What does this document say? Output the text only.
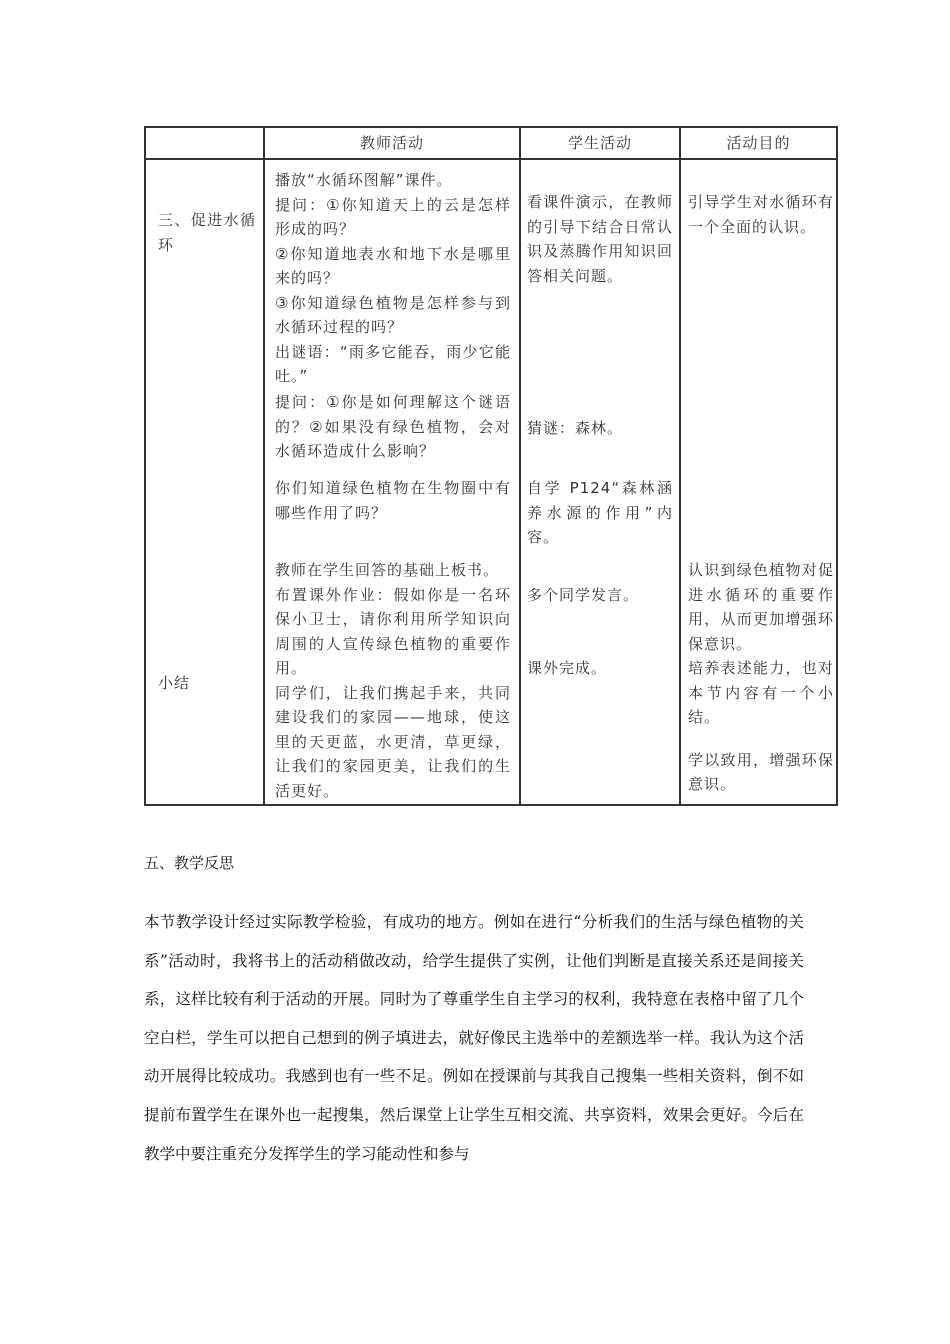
教师活动	学生活动	活动目的
三、促进水循环

播放“水循环图解”课件。

提问：①你知道天上的云是怎样形成的吗？

②你知道地表水和地下水是哪里来的吗？

③你知道绿色植物是怎样参与到水循环过程的吗？

出谜语：“雨多它能吞，雨少它能吐。”

提问：①你是如何理解这个谜语的？②如果没有绿色植物，会对水循环造成什么影响？

你们知道绿色植物在生物圈中有哪些作用了吗？

看课件演示，在教师的引导下结合日常认识及蒸腾作用知识回答相关问题。
猜谜：森林。
自学 P124“森林涵养水源的作用”内容。
引导学生对水循环有一个全面的认识。
小结

教师在学生回答的基础上板书。

布置课外作业：假如你是一名环保小卫士，请你利用所学知识向周围的人宣传绿色植物的重要作用。

同学们，让我们携起手来，共同建设我们的家园——地球，使这里的天更蓝，水更清，草更绿，让我们的家园更美，让我们的生活更好。

多个同学发言。
课外完成。

认识到绿色植物对促进水循环的重要作用，从而更加增强环保意识。

培养表述能力，也对本节内容有一个小结。

学以致用，增强环保意识。

五、教学反思
本节教学设计经过实际教学检验，有成功的地方。例如在进行“分析我们的生活与绿色植物的关系”活动时，我将书上的活动稍做改动，给学生提供了实例，让他们判断是直接关系还是间接关系，这样比较有利于活动的开展。同时为了尊重学生自主学习的权利，我特意在表格中留了几个空白栏，学生可以把自己想到的例子填进去，就好像民主选举中的差额选举一样。我认为这个活动开展得比较成功。我感到也有一些不足。例如在授课前与其我自己搜集一些相关资料，倒不如提前布置学生在课外也一起搜集，然后课堂上让学生互相交流、共享资料，效果会更好。今后在教学中要注重充分发挥学生的学习能动性和参与
